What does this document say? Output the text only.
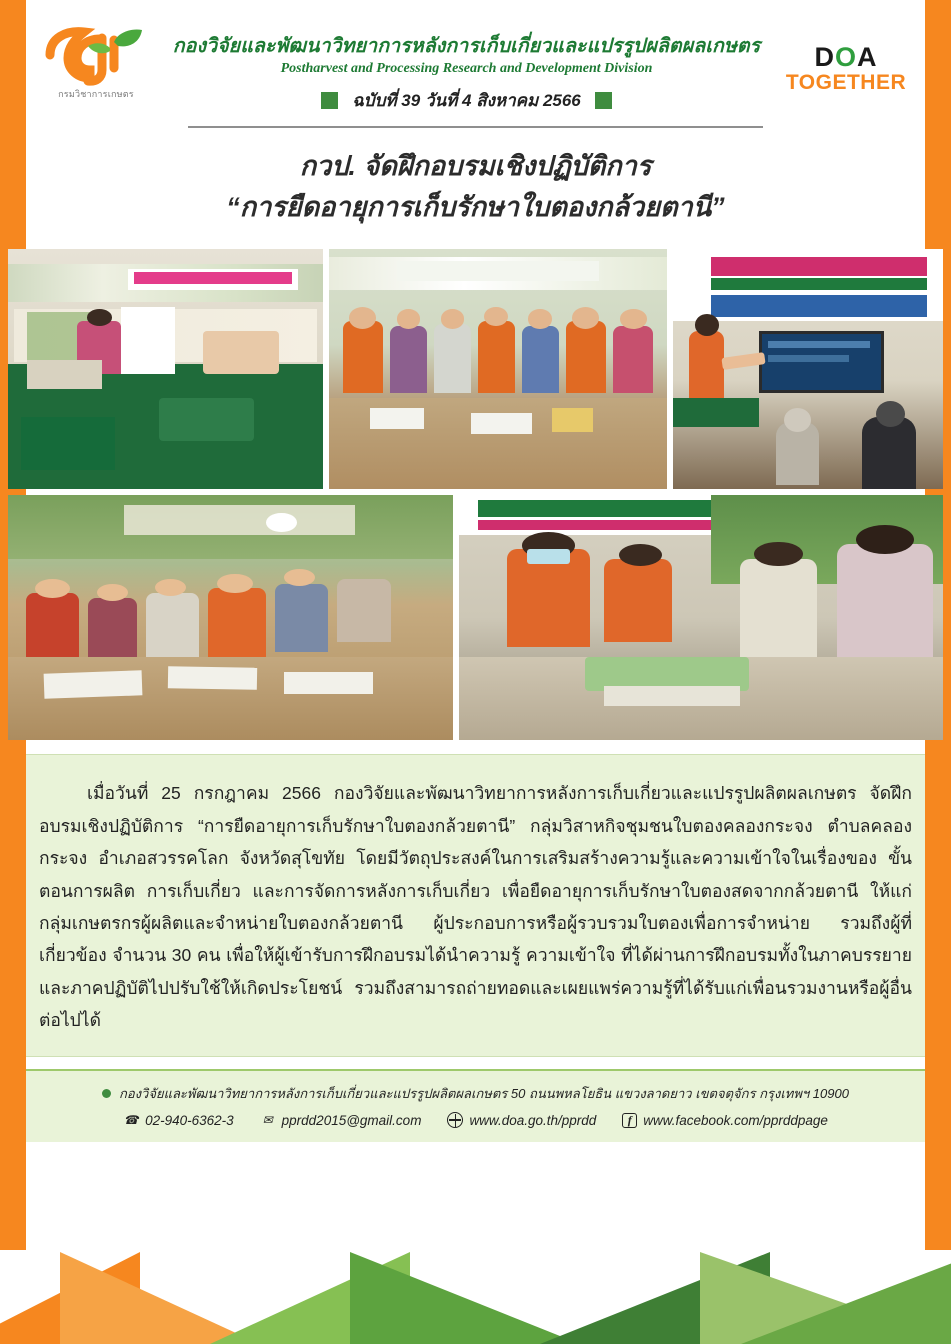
กรมวิชาการเกษตร
กองวิจัยและพัฒนาวิทยาการหลังการเก็บเกี่ยวและแปรรูปผลิตผลเกษตร
Postharvest and Processing Research and Development Division
ฉบับที่ 39 วันที่ 4 สิงหาคม 2566
DOA
TOGETHER
กวป. จัดฝึกอบรมเชิงปฏิบัติการ
“การยืดอายุการเก็บรักษาใบตองกล้วยตานี”

เมื่อวันที่ 25 กรกฎาคม 2566 กองวิจัยและพัฒนาวิทยาการหลังการเก็บเกี่ยวและแปรรูปผลิตผลเกษตร จัดฝึกอบรมเชิงปฏิบัติการ “การยืดอายุการเก็บรักษาใบตองกล้วยตานี” กลุ่มวิสาหกิจชุมชนใบตองคลองกระจง ตำบลคลองกระจง อำเภอสวรรคโลก จังหวัดสุโขทัย โดยมีวัตถุประสงค์ในการเสริมสร้างความรู้และความเข้าใจในเรื่องของ ขั้นตอนการผลิต การเก็บเกี่ยว และการจัดการหลังการเก็บเกี่ยว เพื่อยืดอายุการเก็บรักษาใบตองสดจากกล้วยตานี ให้แก่กลุ่มเกษตรกรผู้ผลิตและจำหน่ายใบตองกล้วยตานี ผู้ประกอบการหรือผู้รวบรวมใบตองเพื่อการจำหน่าย รวมถึงผู้ที่เกี่ยวข้อง จำนวน 30 คน เพื่อให้ผู้เข้ารับการฝึกอบรมได้นำความรู้ ความเข้าใจ ที่ได้ผ่านการฝึกอบรมทั้งในภาคบรรยายและภาคปฏิบัติไปปรับใช้ให้เกิดประโยชน์ รวมถึงสามารถถ่ายทอดและเผยแพร่ความรู้ที่ได้รับแก่เพื่อนรวมงานหรือผู้อื่นต่อไปได้

กองวิจัยและพัฒนาวิทยาการหลังการเก็บเกี่ยวและแปรรูปผลิตผลเกษตร 50 ถนนพหลโยธิน แขวงลาดยาว เขตจตุจักร กรุงเทพฯ 10900
☎ 02-940-6362-3 ✉ pprdd2015@gmail.com	www.doa.go.th/pprdd	f www.facebook.com/pprddpage
